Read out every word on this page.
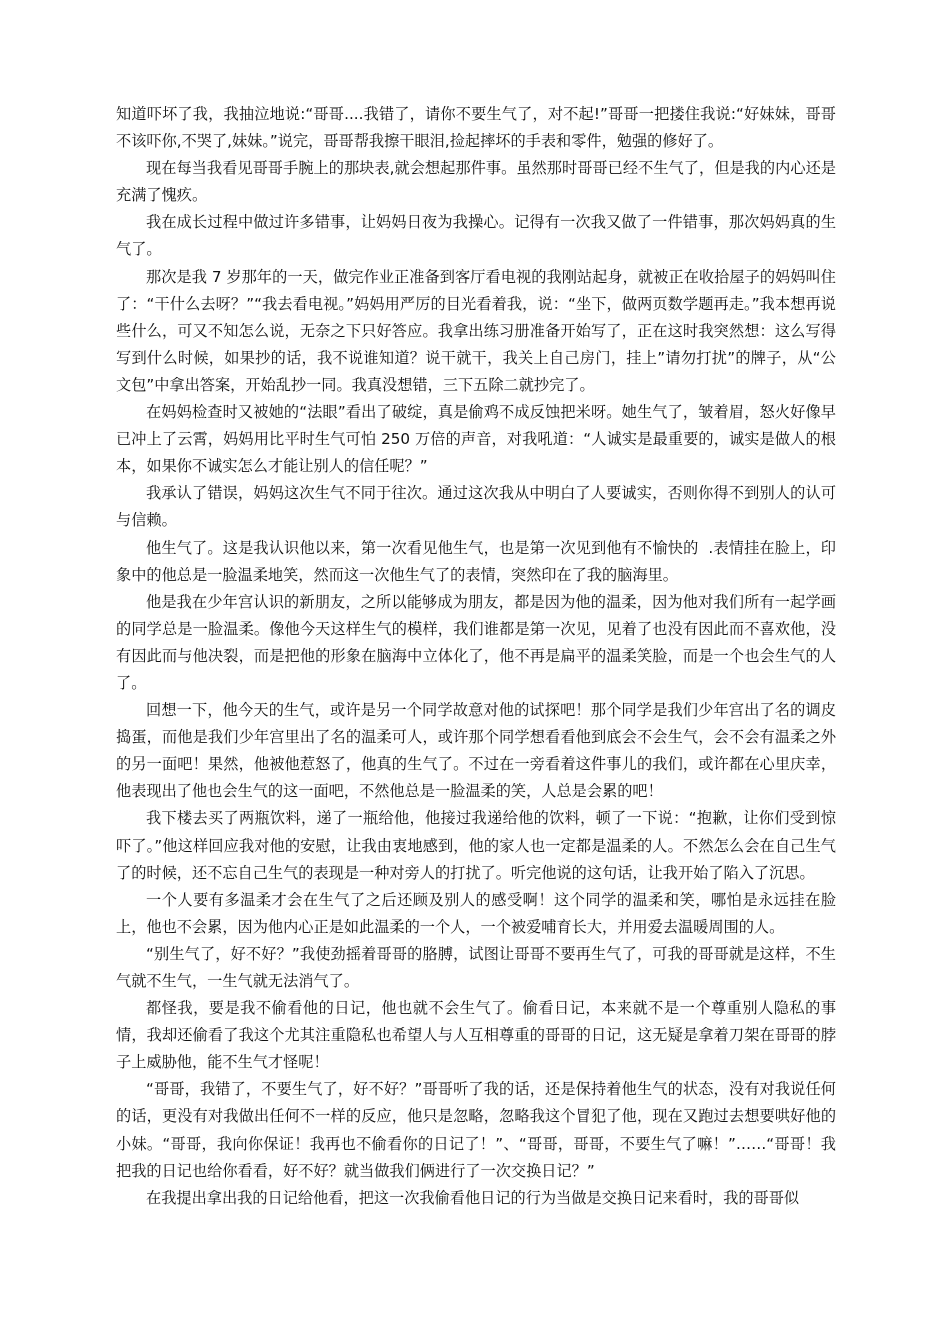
知道吓坏了我，我抽泣地说:“哥哥....我错了，请你不要生气了，对不起!”哥哥一把搂住我说:“好妹妹，哥哥不该吓你,不哭了,妹妹。”说完，哥哥帮我擦干眼泪,捡起摔坏的手表和零件，勉强的修好了。

现在每当我看见哥哥手腕上的那块表,就会想起那件事。虽然那时哥哥已经不生气了，但是我的内心还是充满了愧疚。

我在成长过程中做过许多错事，让妈妈日夜为我操心。记得有一次我又做了一件错事，那次妈妈真的生气了。

那次是我 7 岁那年的一天，做完作业正准备到客厅看电视的我刚站起身，就被正在收拾屋子的妈妈叫住了：“干什么去呀？”“我去看电视。”妈妈用严厉的目光看着我，说：“坐下，做两页数学题再走。”我本想再说些什么，可又不知怎么说，无奈之下只好答应。我拿出练习册准备开始写了，正在这时我突然想：这么写得写到什么时候，如果抄的话，我不说谁知道？说干就干，我关上自己房门，挂上”请勿打扰”的牌子，从“公文包”中拿出答案，开始乱抄一同。我真没想错，三下五除二就抄完了。

在妈妈检查时又被她的“法眼”看出了破绽，真是偷鸡不成反蚀把米呀。她生气了，皱着眉，怒火好像早已冲上了云霄，妈妈用比平时生气可怕 250 万倍的声音，对我吼道：“人诚实是最重要的，诚实是做人的根本，如果你不诚实怎么才能让别人的信任呢？”

我承认了错误，妈妈这次生气不同于往次。通过这次我从中明白了人要诚实，否则你得不到别人的认可与信赖。

他生气了。这是我认识他以来，第一次看见他生气，也是第一次见到他有不愉快的  .表情挂在脸上，印象中的他总是一脸温柔地笑，然而这一次他生气了的表情，突然印在了我的脑海里。

他是我在少年宫认识的新朋友，之所以能够成为朋友，都是因为他的温柔，因为他对我们所有一起学画的同学总是一脸温柔。像他今天这样生气的模样，我们谁都是第一次见，见着了也没有因此而不喜欢他，没有因此而与他决裂，而是把他的形象在脑海中立体化了，他不再是扁平的温柔笑脸，而是一个也会生气的人了。

回想一下，他今天的生气，或许是另一个同学故意对他的试探吧！那个同学是我们少年宫出了名的调皮捣蛋，而他是我们少年宫里出了名的温柔可人，或许那个同学想看看他到底会不会生气，会不会有温柔之外的另一面吧！果然，他被他惹怒了，他真的生气了。不过在一旁看着这件事儿的我们，或许都在心里庆幸，他表现出了他也会生气的这一面吧，不然他总是一脸温柔的笑，人总是会累的吧！

我下楼去买了两瓶饮料，递了一瓶给他，他接过我递给他的饮料，顿了一下说：“抱歉，让你们受到惊吓了。”他这样回应我对他的安慰，让我由衷地感到，他的家人也一定都是温柔的人。不然怎么会在自己生气了的时候，还不忘自己生气的表现是一种对旁人的打扰了。听完他说的这句话，让我开始了陷入了沉思。

一个人要有多温柔才会在生气了之后还顾及别人的感受啊！这个同学的温柔和笑，哪怕是永远挂在脸上，他也不会累，因为他内心正是如此温柔的一个人，一个被爱哺育长大，并用爱去温暖周围的人。

“别生气了，好不好？”我使劲摇着哥哥的胳膊，试图让哥哥不要再生气了，可我的哥哥就是这样，不生气就不生气，一生气就无法消气了。

都怪我，要是我不偷看他的日记，他也就不会生气了。偷看日记，本来就不是一个尊重别人隐私的事情，我却还偷看了我这个尤其注重隐私也希望人与人互相尊重的哥哥的日记，这无疑是拿着刀架在哥哥的脖子上威胁他，能不生气才怪呢！

“哥哥，我错了，不要生气了，好不好？”哥哥听了我的话，还是保持着他生气的状态，没有对我说任何的话，更没有对我做出任何不一样的反应，他只是忽略，忽略我这个冒犯了他，现在又跑过去想要哄好他的小妹。“哥哥，我向你保证！我再也不偷看你的日记了！”、“哥哥，哥哥，不要生气了嘛！”……“哥哥！我把我的日记也给你看看，好不好？就当做我们俩进行了一次交换日记？”

在我提出拿出我的日记给他看，把这一次我偷看他日记的行为当做是交换日记来看时，我的哥哥似
